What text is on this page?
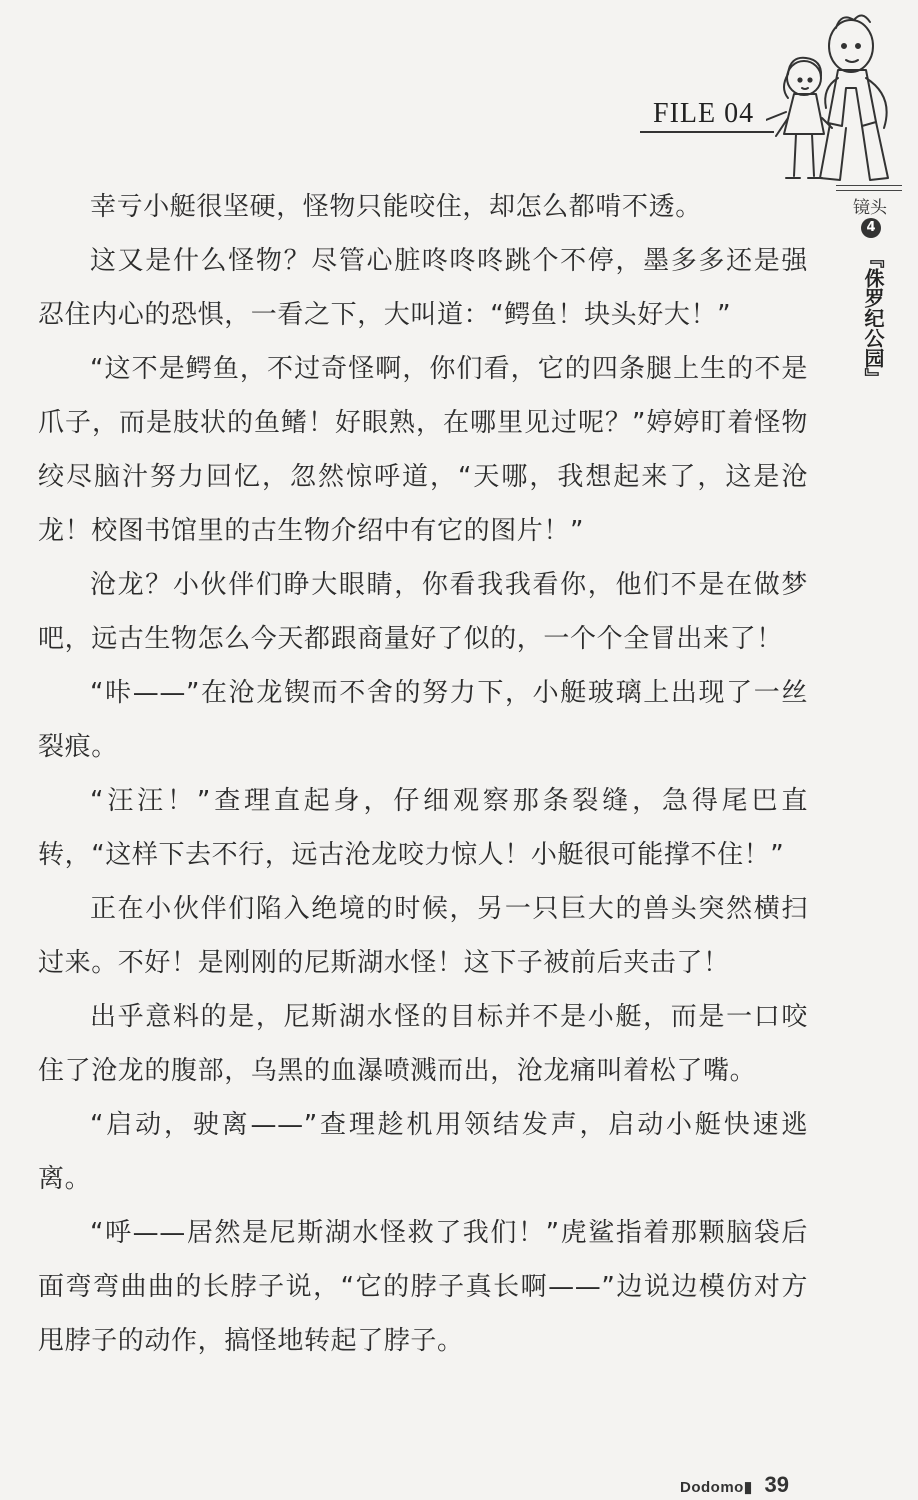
FILE 04
镜头
4
『侏罗纪公园』

幸亏小艇很坚硬，怪物只能咬住，却怎么都啃不透。

这又是什么怪物？尽管心脏咚咚咚跳个不停，墨多多还是强忍住内心的恐惧，一看之下，大叫道：“鳄鱼！块头好大！”

“这不是鳄鱼，不过奇怪啊，你们看，它的四条腿上生的不是爪子，而是肢状的鱼鳍！好眼熟，在哪里见过呢？”婷婷盯着怪物绞尽脑汁努力回忆，忽然惊呼道，“天哪，我想起来了，这是沧龙！校图书馆里的古生物介绍中有它的图片！”

沧龙？小伙伴们睁大眼睛，你看我我看你，他们不是在做梦吧，远古生物怎么今天都跟商量好了似的，一个个全冒出来了！

“咔——”在沧龙锲而不舍的努力下，小艇玻璃上出现了一丝裂痕。

“汪汪！”查理直起身，仔细观察那条裂缝，急得尾巴直转，“这样下去不行，远古沧龙咬力惊人！小艇很可能撑不住！”

正在小伙伴们陷入绝境的时候，另一只巨大的兽头突然横扫过来。不好！是刚刚的尼斯湖水怪！这下子被前后夹击了！

出乎意料的是，尼斯湖水怪的目标并不是小艇，而是一口咬住了沧龙的腹部，乌黑的血瀑喷溅而出，沧龙痛叫着松了嘴。

“启动，驶离——”查理趁机用领结发声，启动小艇快速逃离。

“呼——居然是尼斯湖水怪救了我们！”虎鲨指着那颗脑袋后面弯弯曲曲的长脖子说，“它的脖子真长啊——”边说边模仿对方甩脖子的动作，搞怪地转起了脖子。

Dodomo▮ 39
